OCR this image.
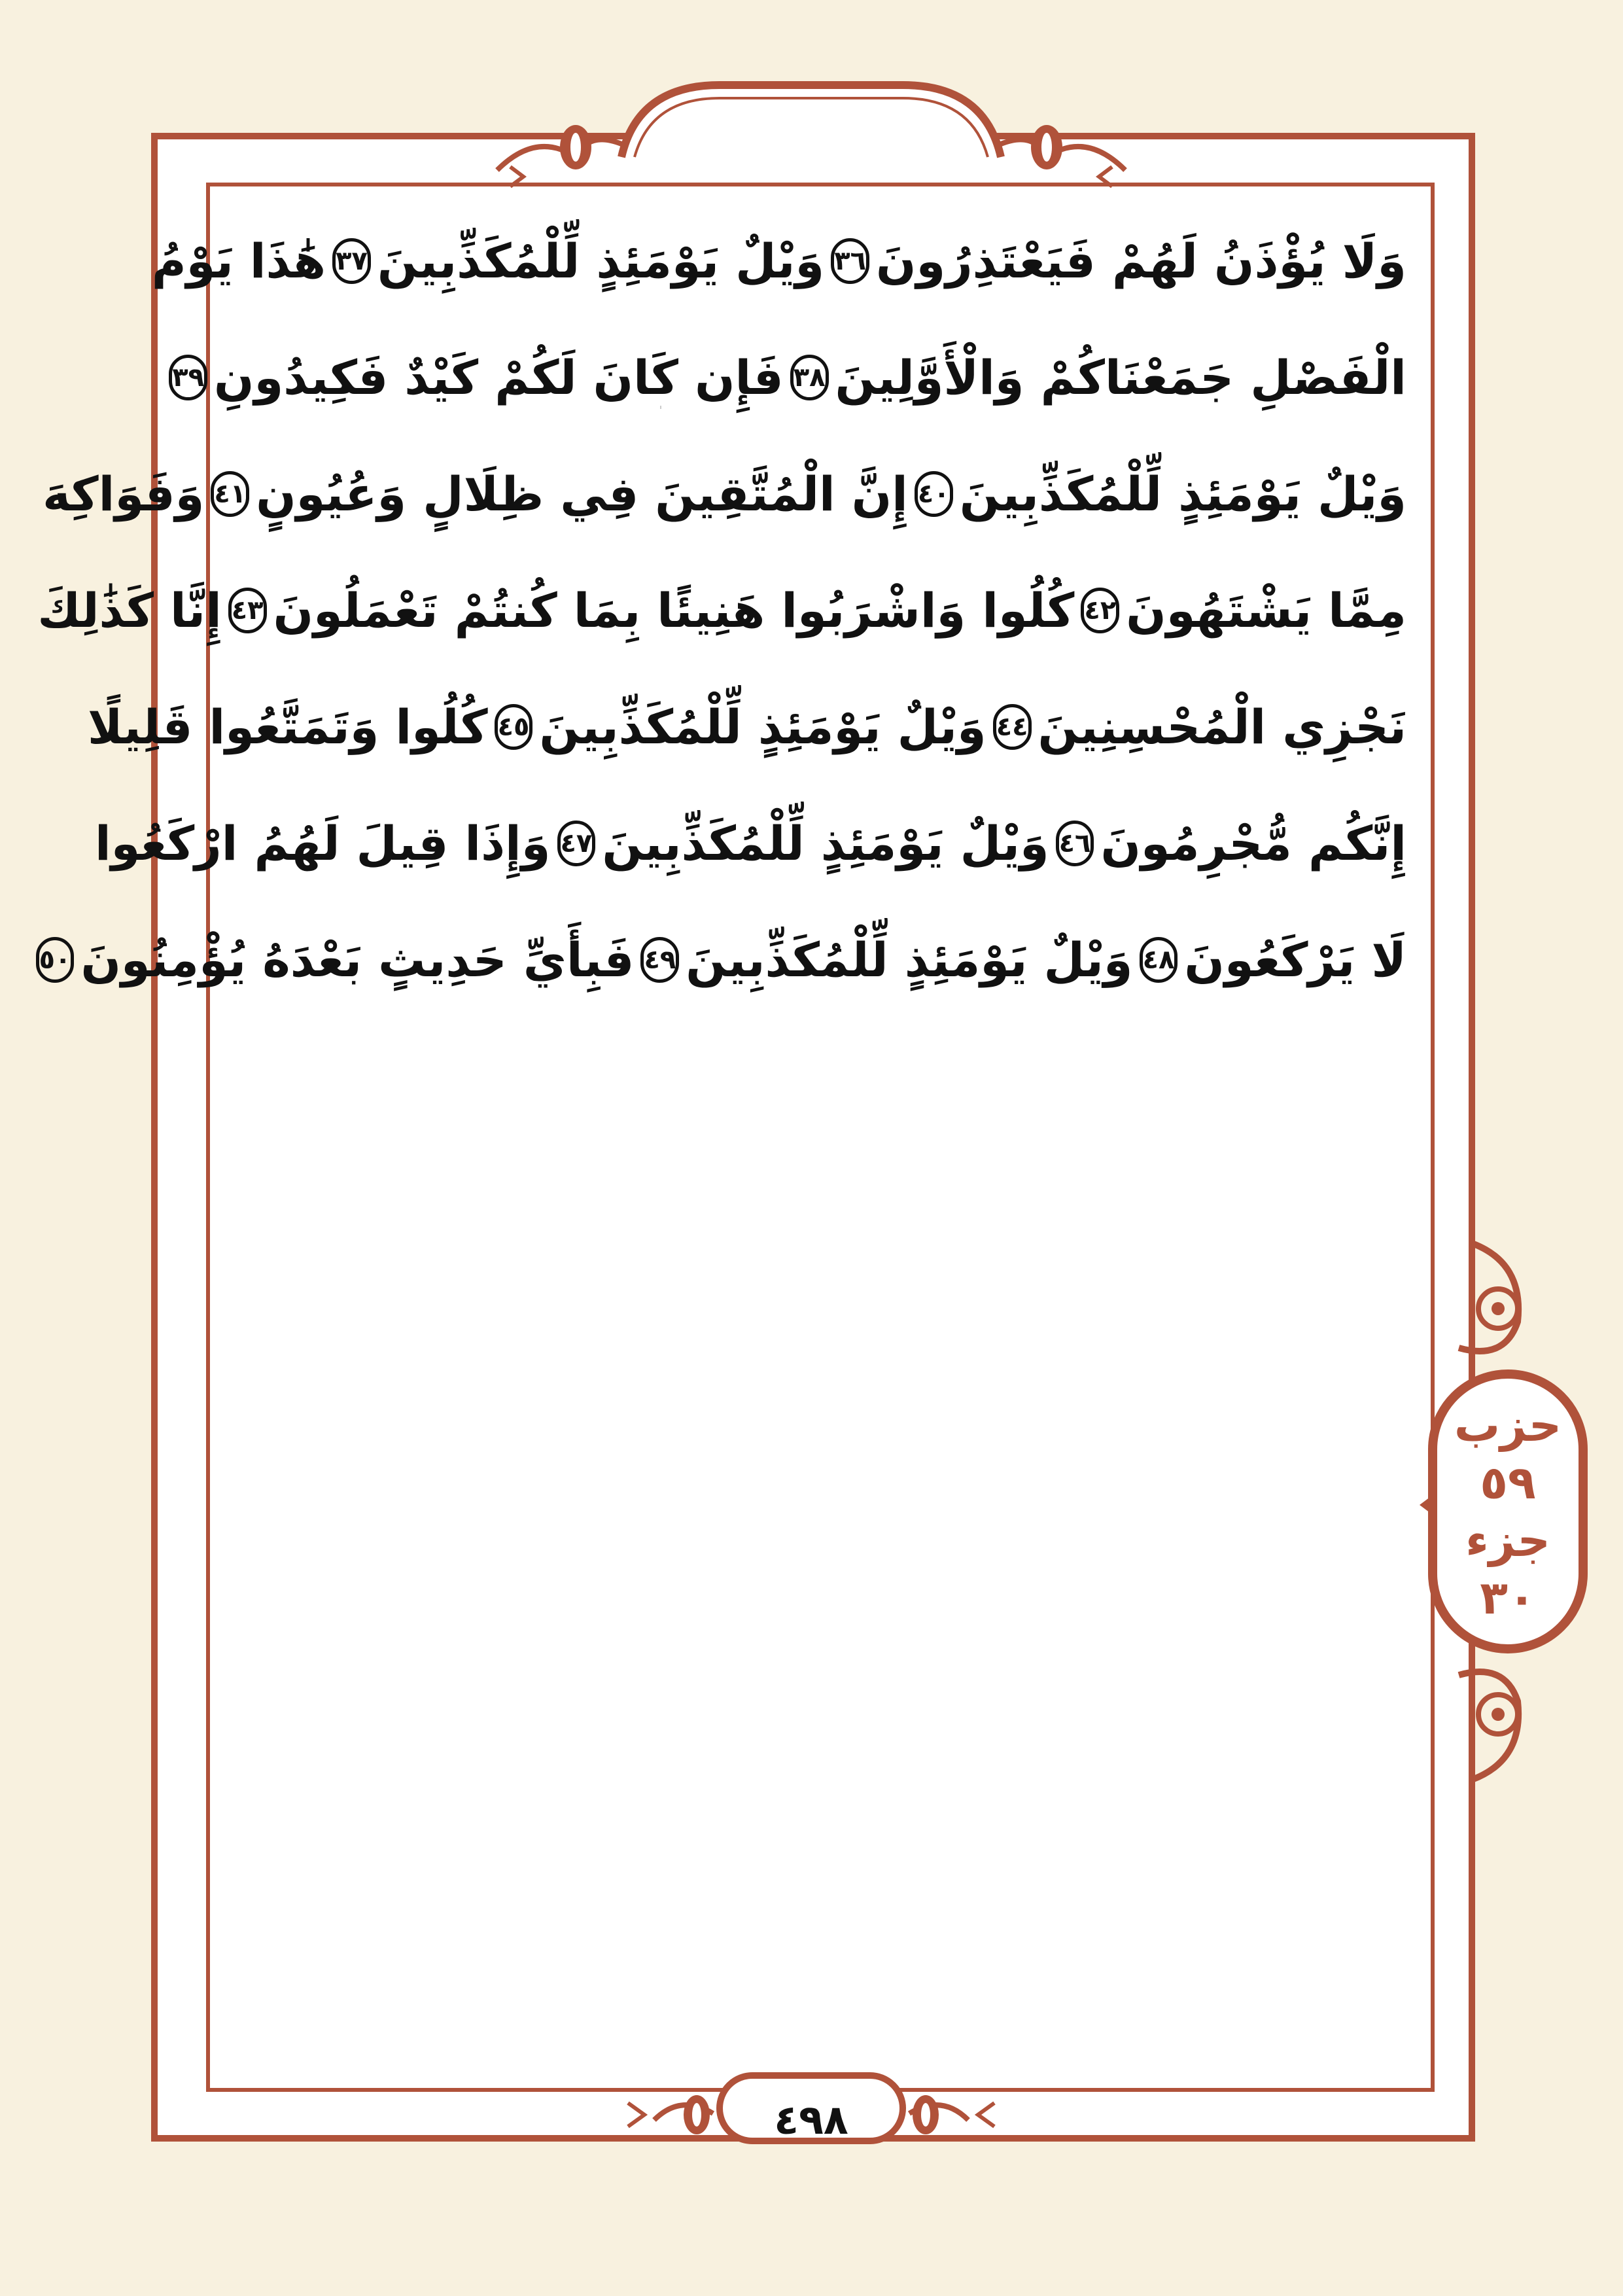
وَلَا يُؤْذَنُ لَهُمْ فَيَعْتَذِرُونَ
٣٦
وَيْلٌ يَوْمَئِذٍ لِّلْمُكَذِّبِينَ
٣٧
هَٰذَا يَوْمُ
الْفَصْلِ جَمَعْنَاكُمْ وَالْأَوَّلِينَ
٣٨
فَإِن كَانَ لَكُمْ كَيْدٌ فَكِيدُونِ
٣٩
وَيْلٌ يَوْمَئِذٍ لِّلْمُكَذِّبِينَ
٤٠
إِنَّ الْمُتَّقِينَ فِي ظِلَالٍ وَعُيُونٍ
٤١
وَفَوَاكِهَ
مِمَّا يَشْتَهُونَ
٤٢
كُلُوا وَاشْرَبُوا هَنِيئًا بِمَا كُنتُمْ تَعْمَلُونَ
٤٣
إِنَّا كَذَٰلِكَ
نَجْزِي الْمُحْسِنِينَ
٤٤
وَيْلٌ يَوْمَئِذٍ لِّلْمُكَذِّبِينَ
٤٥
كُلُوا وَتَمَتَّعُوا قَلِيلًا
إِنَّكُم مُّجْرِمُونَ
٤٦
وَيْلٌ يَوْمَئِذٍ لِّلْمُكَذِّبِينَ
٤٧
وَإِذَا قِيلَ لَهُمُ ارْكَعُوا
لَا يَرْكَعُونَ
٤٨
وَيْلٌ يَوْمَئِذٍ لِّلْمُكَذِّبِينَ
٤٩
فَبِأَيِّ حَدِيثٍ بَعْدَهُ يُؤْمِنُونَ
٥٠
٤٩٨
حزب
٥٩
جزء
٣٠
